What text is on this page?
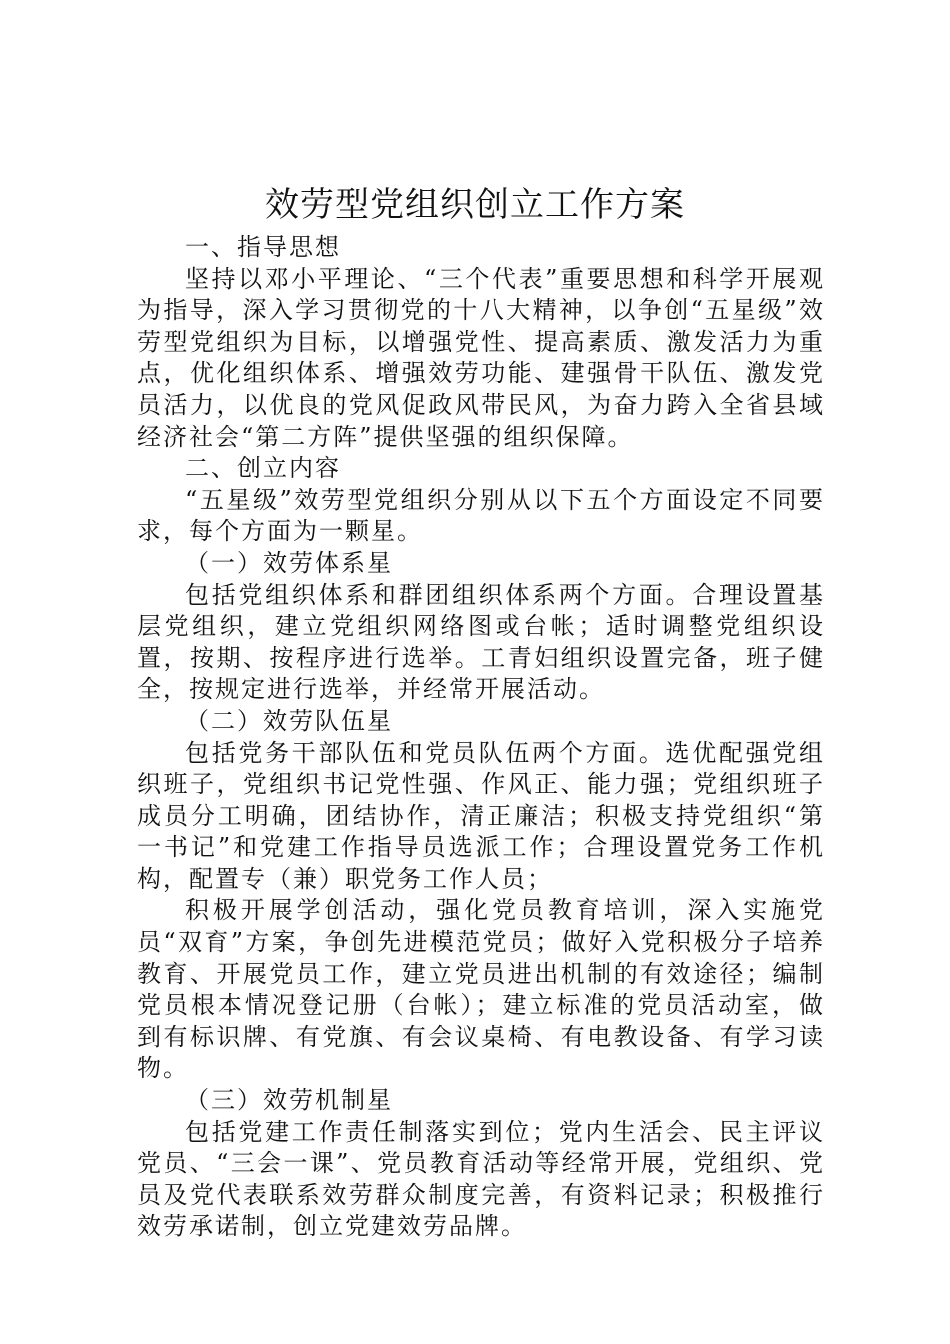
效劳型党组织创立工作方案

一、指导思想

坚持以邓小平理论、“三个代表”重要思想和科学开展观为指导，深入学习贯彻党的十八大精神，以争创“五星级”效劳型党组织为目标，以增强党性、提高素质、激发活力为重点，优化组织体系、增强效劳功能、建强骨干队伍、激发党员活力，以优良的党风促政风带民风，为奋力跨入全省县域经济社会“第二方阵”提供坚强的组织保障。

二、创立内容

“五星级”效劳型党组织分别从以下五个方面设定不同要求，每个方面为一颗星。

（一）效劳体系星

包括党组织体系和群团组织体系两个方面。合理设置基层党组织，建立党组织网络图或台帐；适时调整党组织设置，按期、按程序进行选举。工青妇组织设置完备，班子健全，按规定进行选举，并经常开展活动。

（二）效劳队伍星

包括党务干部队伍和党员队伍两个方面。选优配强党组织班子，党组织书记党性强、作风正、能力强；党组织班子成员分工明确，团结协作，清正廉洁；积极支持党组织“第一书记”和党建工作指导员选派工作；合理设置党务工作机构，配置专（兼）职党务工作人员；

积极开展学创活动，强化党员教育培训，深入实施党员“双育”方案，争创先进模范党员；做好入党积极分子培养教育、开展党员工作，建立党员进出机制的有效途径；编制党员根本情况登记册（台帐）；建立标准的党员活动室，做到有标识牌、有党旗、有会议桌椅、有电教设备、有学习读物。

（三）效劳机制星

包括党建工作责任制落实到位；党内生活会、民主评议党员、“三会一课”、党员教育活动等经常开展，党组织、党员及党代表联系效劳群众制度完善，有资料记录；积极推行效劳承诺制，创立党建效劳品牌。
